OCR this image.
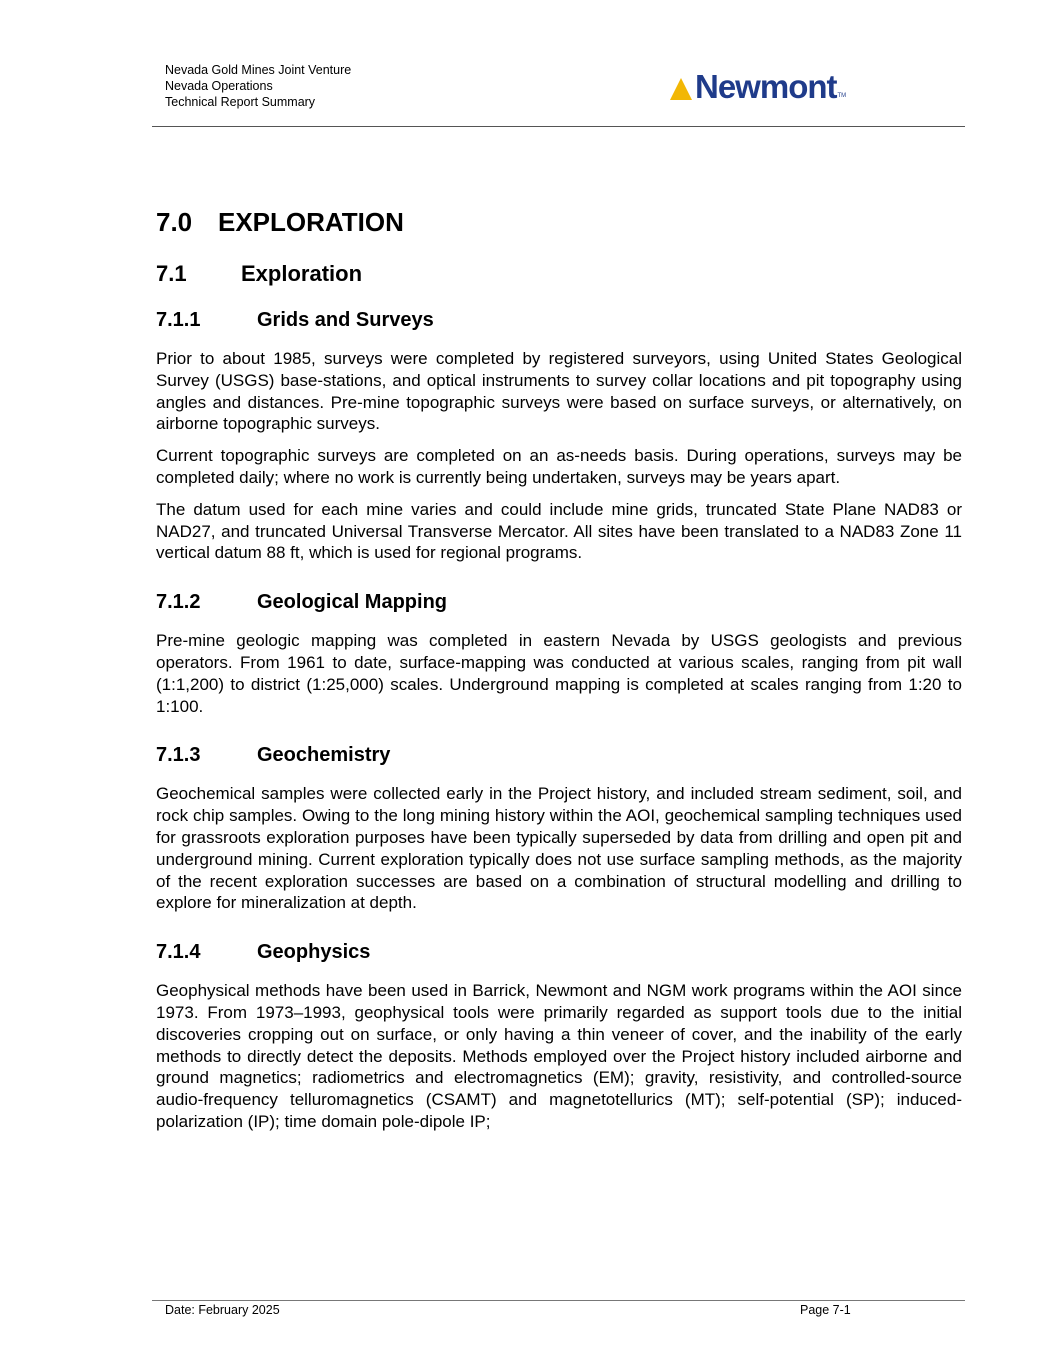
Nevada Gold Mines Joint Venture
Nevada Operations
Technical Report Summary	Newmont TM
7.0 EXPLORATION
7.1 Exploration
7.1.1	Grids and Surveys

Prior to about 1985, surveys were completed by registered surveyors, using United States Geological Survey (USGS) base-stations, and optical instruments to survey collar locations and pit topography using angles and distances. Pre-mine topographic surveys were based on surface surveys, or alternatively, on airborne topographic surveys.

Current topographic surveys are completed on an as-needs basis. During operations, surveys may be completed daily; where no work is currently being undertaken, surveys may be years apart.

The datum used for each mine varies and could include mine grids, truncated State Plane NAD83 or NAD27, and truncated Universal Transverse Mercator. All sites have been translated to a NAD83 Zone 11 vertical datum 88 ft, which is used for regional programs.

7.1.2	Geological Mapping

Pre-mine geologic mapping was completed in eastern Nevada by USGS geologists and previous operators. From 1961 to date, surface-mapping was conducted at various scales, ranging from pit wall (1:1,200) to district (1:25,000) scales. Underground mapping is completed at scales ranging from 1:20 to 1:100.

7.1.3	Geochemistry

Geochemical samples were collected early in the Project history, and included stream sediment, soil, and rock chip samples. Owing to the long mining history within the AOI, geochemical sampling techniques used for grassroots exploration purposes have been typically superseded by data from drilling and open pit and underground mining. Current exploration typically does not use surface sampling methods, as the majority of the recent exploration successes are based on a combination of structural modelling and drilling to explore for mineralization at depth.

7.1.4	Geophysics

Geophysical methods have been used in Barrick, Newmont and NGM work programs within the AOI since 1973. From 1973–1993, geophysical tools were primarily regarded as support tools due to the initial discoveries cropping out on surface, or only having a thin veneer of cover, and the inability of the early methods to directly detect the deposits. Methods employed over the Project history included airborne and ground magnetics; radiometrics and electromagnetics (EM); gravity, resistivity, and controlled-source audio-frequency telluromagnetics (CSAMT) and magnetotellurics (MT); self-potential (SP); induced-polarization (IP); time domain pole-dipole IP;

Date: February 2025	Page 7-1
